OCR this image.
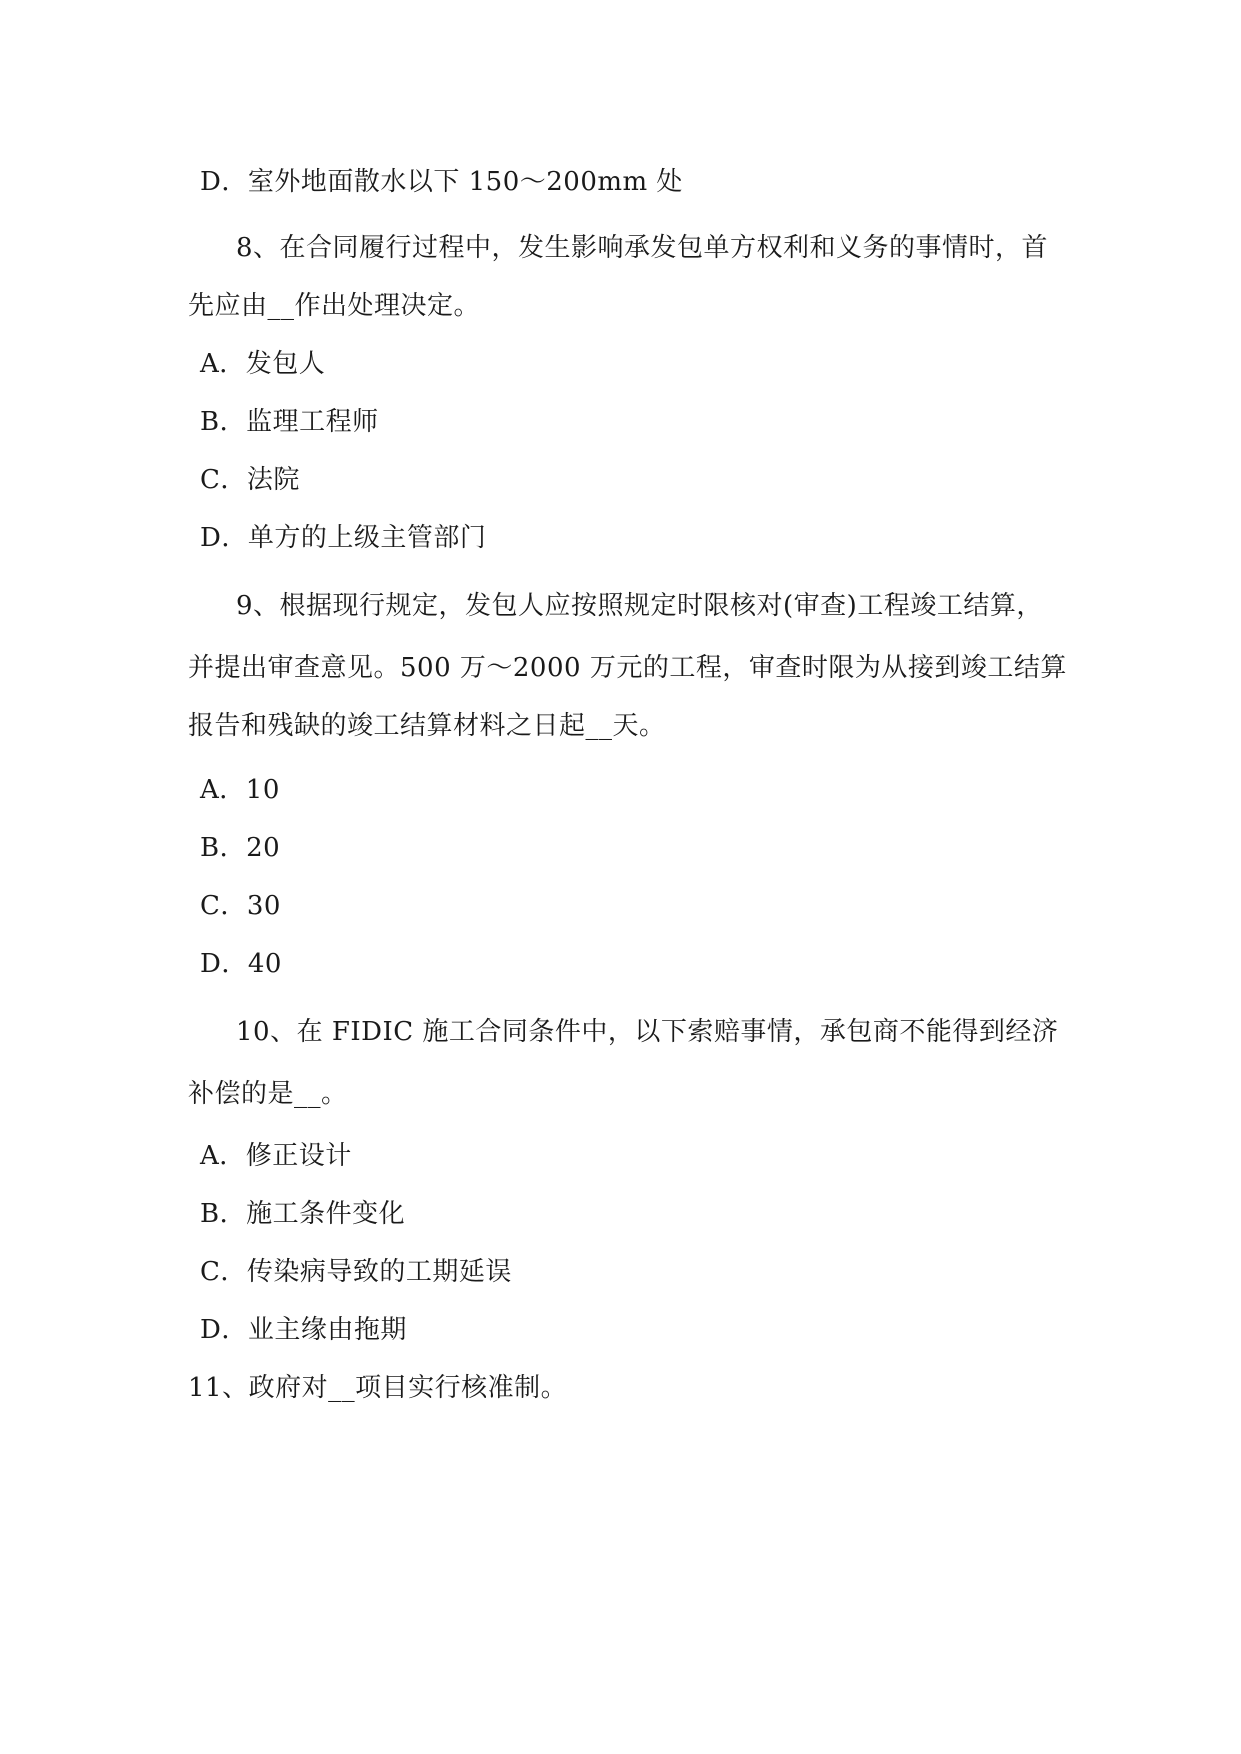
D．室外地面散水以下 150～200mm 处
8、在合同履行过程中，发生影响承发包单方权利和义务的事情时，首
先应由__作出处理决定。
A．发包人
B．监理工程师
C．法院
D．单方的上级主管部门
9、根据现行规定，发包人应按照规定时限核对(审查)工程竣工结算，
并提出审查意见。500 万～2000 万元的工程，审查时限为从接到竣工结算
报告和残缺的竣工结算材料之日起__天。
A．10
B．20
C．30
D．40
10、在 FIDIC 施工合同条件中，以下索赔事情，承包商不能得到经济
补偿的是__。
A．修正设计
B．施工条件变化
C．传染病导致的工期延误
D．业主缘由拖期
11、政府对__项目实行核准制。
